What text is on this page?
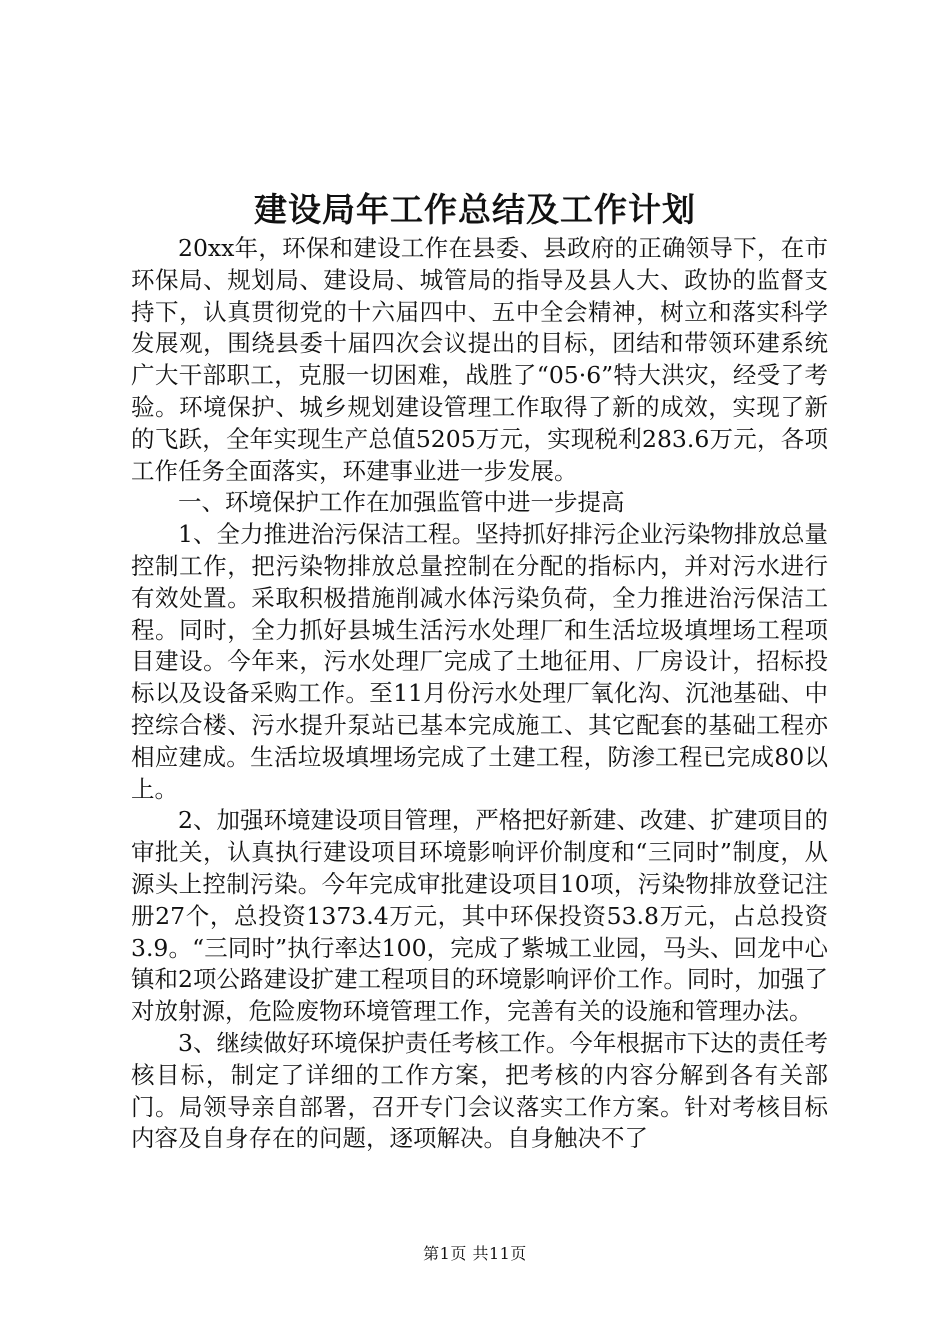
建设局年工作总结及工作计划

20xx年，环保和建设工作在县委、县政府的正确领导下，在市环保局、规划局、建设局、城管局的指导及县人大、政协的监督支持下，认真贯彻党的十六届四中、五中全会精神，树立和落实科学发展观，围绕县委十届四次会议提出的目标，团结和带领环建系统广大干部职工，克服一切困难，战胜了“05·6”特大洪灾，经受了考验。环境保护、城乡规划建设管理工作取得了新的成效，实现了新的飞跃，全年实现生产总值5205万元，实现税利283.6万元，各项工作任务全面落实，环建事业进一步发展。

一、环境保护工作在加强监管中进一步提高

1、全力推进治污保洁工程。坚持抓好排污企业污染物排放总量控制工作，把污染物排放总量控制在分配的指标内，并对污水进行有效处置。采取积极措施削减水体污染负荷，全力推进治污保洁工程。同时，全力抓好县城生活污水处理厂和生活垃圾填埋场工程项目建设。今年来，污水处理厂完成了土地征用、厂房设计，招标投标以及设备采购工作。至11月份污水处理厂氧化沟、沉池基础、中控综合楼、污水提升泵站已基本完成施工、其它配套的基础工程亦相应建成。生活垃圾填埋场完成了土建工程，防渗工程已完成80以上。

2、加强环境建设项目管理，严格把好新建、改建、扩建项目的审批关，认真执行建设项目环境影响评价制度和“三同时”制度，从源头上控制污染。今年完成审批建设项目10项，污染物排放登记注册27个，总投资1373.4万元，其中环保投资53.8万元，占总投资3.9。“三同时”执行率达100，完成了紫城工业园，马头、回龙中心镇和2项公路建设扩建工程项目的环境影响评价工作。同时，加强了对放射源，危险废物环境管理工作，完善有关的设施和管理办法。

3、继续做好环境保护责任考核工作。今年根据市下达的责任考核目标，制定了详细的工作方案，把考核的内容分解到各有关部门。局领导亲自部署，召开专门会议落实工作方案。针对考核目标内容及自身存在的问题，逐项解决。自身触决不了

第1页 共11页
